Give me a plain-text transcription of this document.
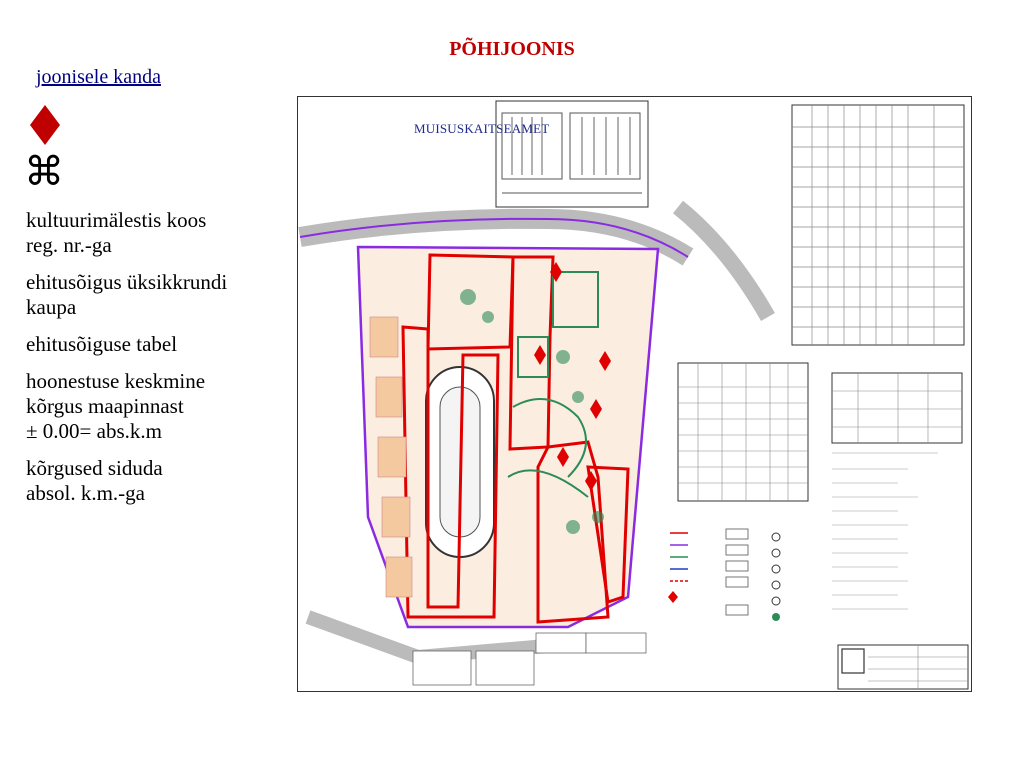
PÕHIJOONIS
joonisele kanda
⌘

kultuurimälestis koos
reg. nr.-ga

ehitusõigus üksikkrundi
kaupa

ehitusõiguse tabel

hoonestuse keskmine
kõrgus maapinnast
± 0.00= abs.k.m

kõrgused siduda
absol. k.m.-ga

MUISUSKAITSEAMET
